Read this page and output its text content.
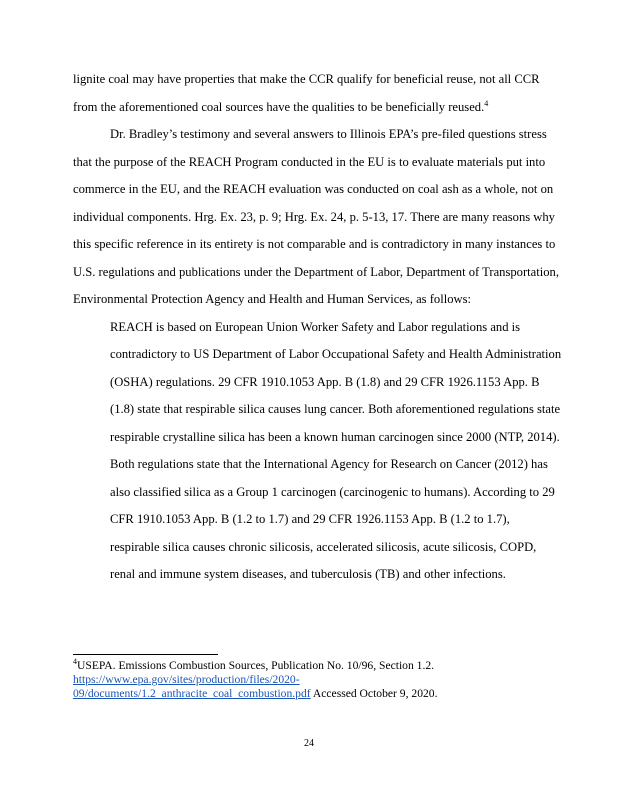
lignite coal may have properties that make the CCR qualify for beneficial reuse, not all CCR
from the aforementioned coal sources have the qualities to be beneficially reused.$^4$
Dr. Bradley’s testimony and several answers to Illinois EPA’s pre-filed questions stress
that the purpose of the REACH Program conducted in the EU is to evaluate materials put into
commerce in the EU, and the REACH evaluation was conducted on coal ash as a whole, not on
individual components. Hrg. Ex. 23, p. 9; Hrg. Ex. 24, p. 5-13, 17. There are many reasons why
this specific reference in its entirety is not comparable and is contradictory in many instances to
U.S. regulations and publications under the Department of Labor, Department of Transportation,
Environmental Protection Agency and Health and Human Services, as follows:
REACH is based on European Union Worker Safety and Labor regulations and is
contradictory to US Department of Labor Occupational Safety and Health Administration
(OSHA) regulations. 29 CFR 1910.1053 App. B (1.8) and 29 CFR 1926.1153 App. B
(1.8) state that respirable silica causes lung cancer. Both aforementioned regulations state
respirable crystalline silica has been a known human carcinogen since 2000 (NTP, 2014).
Both regulations state that the International Agency for Research on Cancer (2012) has
also classified silica as a Group 1 carcinogen (carcinogenic to humans). According to 29
CFR 1910.1053 App. B (1.2 to 1.7) and 29 CFR 1926.1153 App. B (1.2 to 1.7),
respirable silica causes chronic silicosis, accelerated silicosis, acute silicosis, COPD,
renal and immune system diseases, and tuberculosis (TB) and other infections.
$^4$USEPA. Emissions Combustion Sources, Publication No. 10/96, Section 1.2.
https://www.epa.gov/sites/production/files/2020-
09/documents/1.2_anthracite_coal_combustion.pdf Accessed October 9, 2020.
24
